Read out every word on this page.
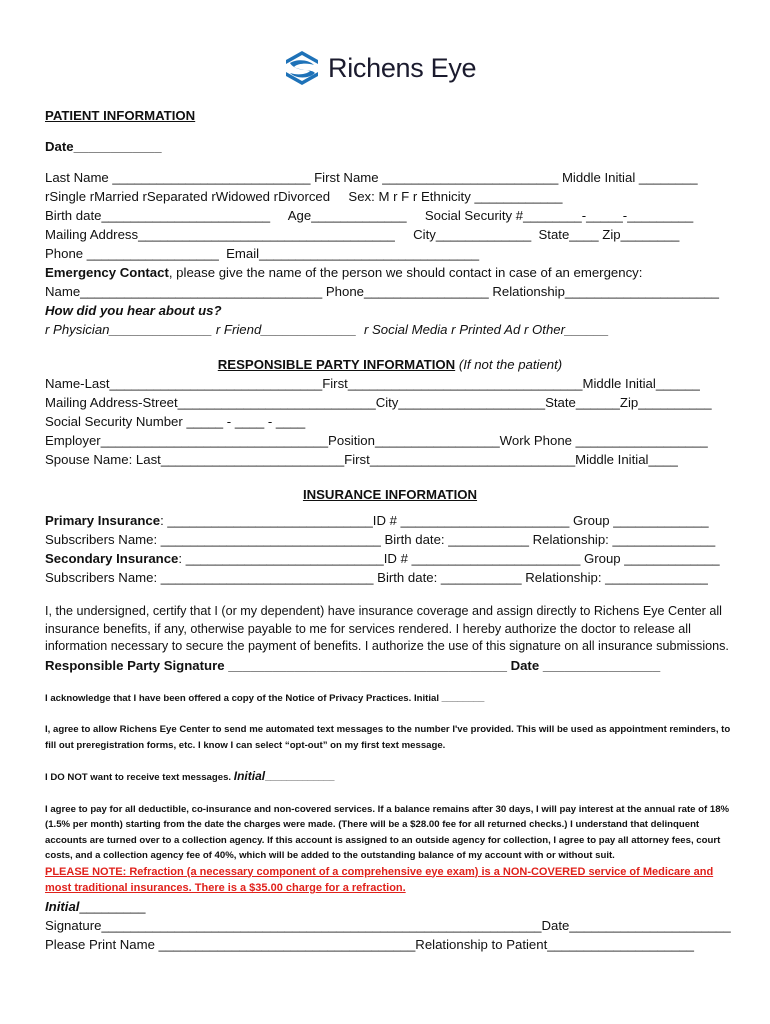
Richens Eye
PATIENT INFORMATION
Date____________
Last Name ___________________________ First Name ________________________ Middle Initial ________
rSingle rMarried rSeparated rWidowed rDivorced     Sex: M r F r Ethnicity ____________
Birth date_______________________     Age_____________     Social Security #________-_____-_________
Mailing Address___________________________________     City_____________  State____ Zip________
Phone __________________  Email______________________________
Emergency Contact, please give the name of the person we should contact in case of an emergency:
Name_________________________________ Phone_________________ Relationship_____________________
How did you hear about us?
r Physician______________ r Friend_____________  r Social Media r Printed Ad r Other______
RESPONSIBLE PARTY INFORMATION (If not the patient)
Name-Last_____________________________First________________________________Middle Initial______
Mailing Address-Street___________________________City____________________State______Zip__________
Social Security Number _____ - ____ - ____
Employer_______________________________Position_________________Work Phone __________________
Spouse Name: Last_________________________First____________________________Middle Initial____
INSURANCE INFORMATION
Primary Insurance: ____________________________ID # _______________________ Group _____________
Subscribers Name: ______________________________ Birth date: ___________ Relationship: ______________
Secondary Insurance: ___________________________ID # _______________________ Group _____________
Subscribers Name: _____________________________ Birth date: ___________ Relationship: ______________
I, the undersigned, certify that I (or my dependent) have insurance coverage and assign directly to Richens Eye Center all insurance benefits, if any, otherwise payable to me for services rendered. I hereby authorize the doctor to release all information necessary to secure the payment of benefits. I authorize the use of this signature on all insurance submissions.
Responsible Party Signature ______________________________________ Date ________________
I acknowledge that I have been offered a copy of the Notice of Privacy Practices. Initial ________
I, agree to allow Richens Eye Center to send me automated text messages to the number I've provided. This will be used as appointment reminders, to fill out preregistration forms, etc. I know I can select “opt-out” on my first text message.
I DO NOT want to receive text messages. Initial_____________
I agree to pay for all deductible, co-insurance and non-covered services. If a balance remains after 30 days, I will pay interest at the annual rate of 18% (1.5% per month) starting from the date the charges were made. (There will be a $28.00 fee for all returned checks.) I understand that delinquent accounts are turned over to a collection agency. If this account is assigned to an outside agency for collection, I agree to pay all attorney fees, court costs, and a collection agency fee of 40%, which will be added to the outstanding balance of my account with or without suit.
PLEASE NOTE: Refraction (a necessary component of a comprehensive eye exam) is a NON-COVERED service of Medicare and most traditional insurances. There is a $35.00 charge for a refraction.
Initial_________
Signature____________________________________________________________Date______________________
Please Print Name ___________________________________Relationship to Patient____________________
